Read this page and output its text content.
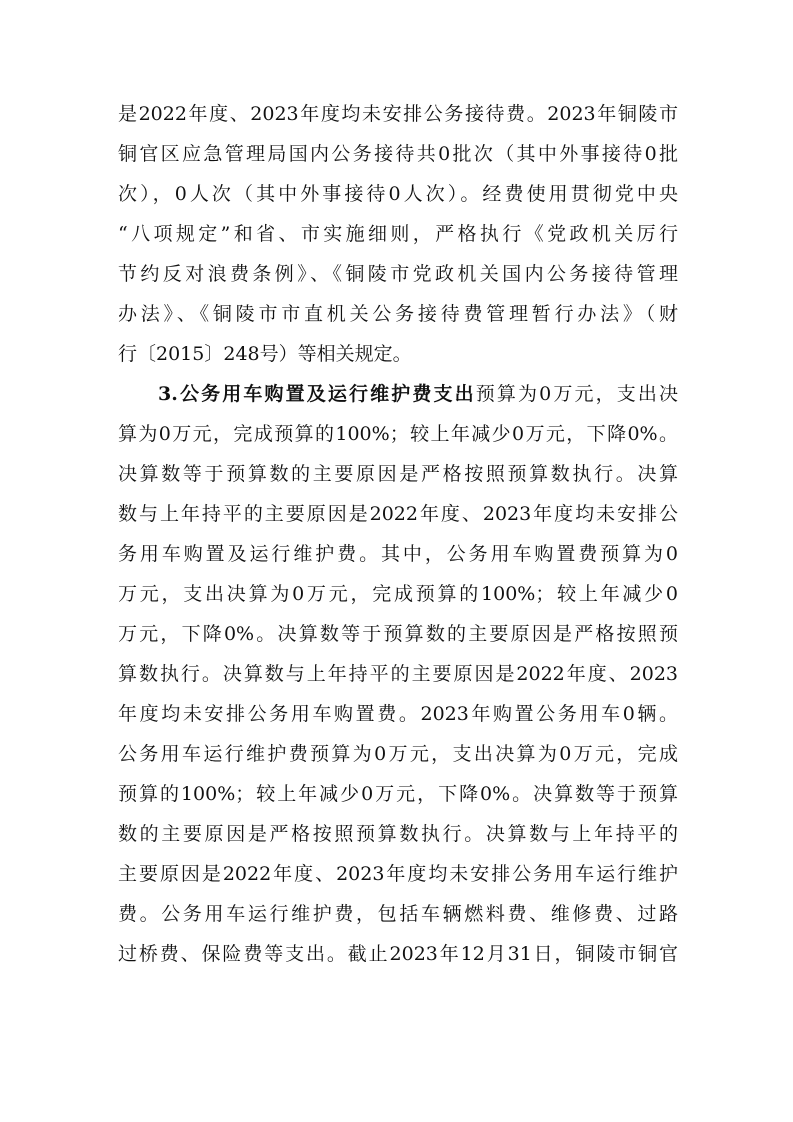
是2022年度、2023年度均未安排公务接待费。2023年铜陵市
铜官区应急管理局国内公务接待共0批次（其中外事接待0批
次），0人次（其中外事接待0人次）。经费使用贯彻党中央
“八项规定”和省、市实施细则，严格执行《党政机关厉行
节约反对浪费条例》、《铜陵市党政机关国内公务接待管理
办法》、《铜陵市市直机关公务接待费管理暂行办法》（财
行〔2015〕248号）等相关规定。
3.公务用车购置及运行维护费支出预算为0万元，支出决
算为0万元，完成预算的100%；较上年减少0万元，下降0%。
决算数等于预算数的主要原因是严格按照预算数执行。决算
数与上年持平的主要原因是2022年度、2023年度均未安排公
务用车购置及运行维护费。其中，公务用车购置费预算为0
万元，支出决算为0万元，完成预算的100%；较上年减少0
万元，下降0%。决算数等于预算数的主要原因是严格按照预
算数执行。决算数与上年持平的主要原因是2022年度、2023
年度均未安排公务用车购置费。2023年购置公务用车0辆。
公务用车运行维护费预算为0万元，支出决算为0万元，完成
预算的100%；较上年减少0万元，下降0%。决算数等于预算
数的主要原因是严格按照预算数执行。决算数与上年持平的
主要原因是2022年度、2023年度均未安排公务用车运行维护
费。公务用车运行维护费，包括车辆燃料费、维修费、过路
过桥费、保险费等支出。截止2023年12月31日，铜陵市铜官
